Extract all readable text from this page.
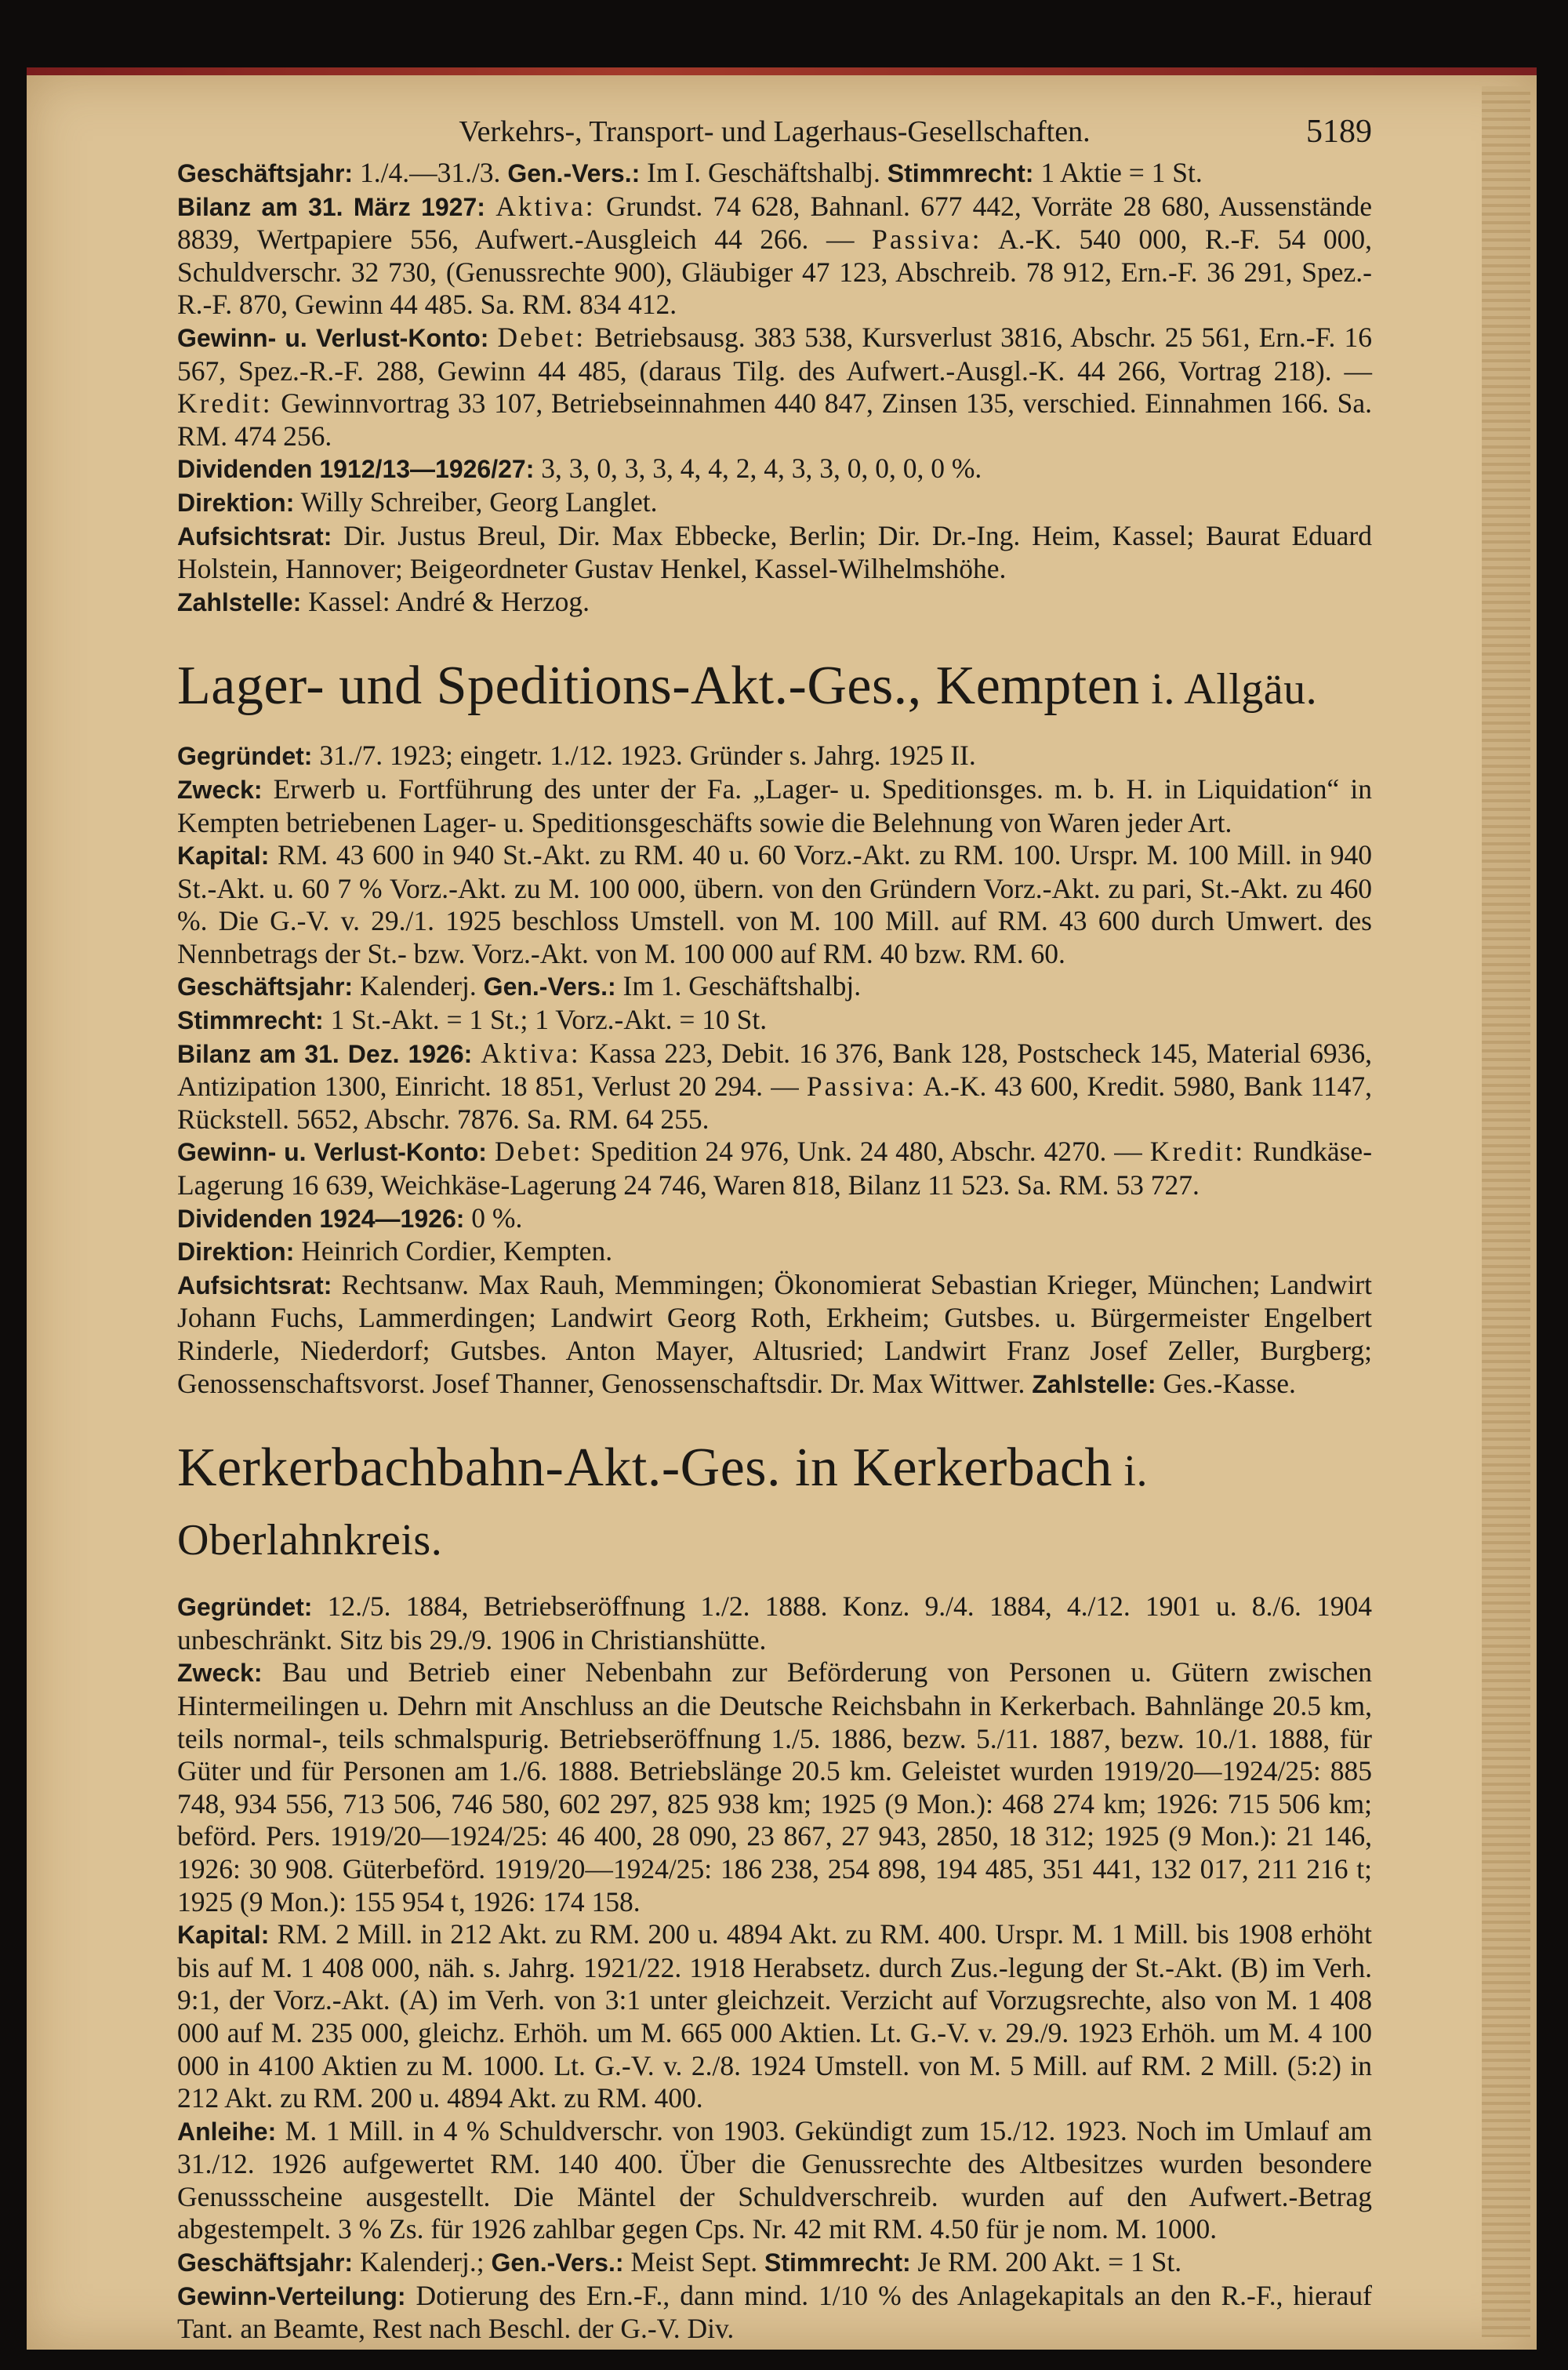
Verkehrs-, Transport- und Lagerhaus-Gesellschaften.	5189

Geschäftsjahr: 1./4.—31./3. Gen.-Vers.: Im I. Geschäftshalbj. Stimmrecht: 1 Aktie = 1 St.

Bilanz am 31. März 1927: Aktiva: Grundst. 74 628, Bahnanl. 677 442, Vorräte 28 680, Aussenstände 8839, Wertpapiere 556, Aufwert.-Ausgleich 44 266. — Passiva: A.-K. 540 000, R.-F. 54 000, Schuldverschr. 32 730, (Genussrechte 900), Gläubiger 47 123, Abschreib. 78 912, Ern.-F. 36 291, Spez.-R.-F. 870, Gewinn 44 485. Sa. RM. 834 412.

Gewinn- u. Verlust-Konto: Debet: Betriebsausg. 383 538, Kursverlust 3816, Abschr. 25 561, Ern.-F. 16 567, Spez.-R.-F. 288, Gewinn 44 485, (daraus Tilg. des Aufwert.-Ausgl.-K. 44 266, Vortrag 218). — Kredit: Gewinnvortrag 33 107, Betriebseinnahmen 440 847, Zinsen 135, verschied. Einnahmen 166. Sa. RM. 474 256.

Dividenden 1912/13—1926/27: 3, 3, 0, 3, 3, 4, 4, 2, 4, 3, 3, 0, 0, 0, 0 %.

Direktion: Willy Schreiber, Georg Langlet.

Aufsichtsrat: Dir. Justus Breul, Dir. Max Ebbecke, Berlin; Dir. Dr.-Ing. Heim, Kassel; Baurat Eduard Holstein, Hannover; Beigeordneter Gustav Henkel, Kassel-Wilhelmshöhe.

Zahlstelle: Kassel: André & Herzog.

Lager- und Speditions-Akt.-Ges., Kempten i. Allgäu.

Gegründet: 31./7. 1923; eingetr. 1./12. 1923. Gründer s. Jahrg. 1925 II.

Zweck: Erwerb u. Fortführung des unter der Fa. „Lager- u. Speditionsges. m. b. H. in Liquidation“ in Kempten betriebenen Lager- u. Speditionsgeschäfts sowie die Belehnung von Waren jeder Art.

Kapital: RM. 43 600 in 940 St.-Akt. zu RM. 40 u. 60 Vorz.-Akt. zu RM. 100. Urspr. M. 100 Mill. in 940 St.-Akt. u. 60 7 % Vorz.-Akt. zu M. 100 000, übern. von den Gründern Vorz.-Akt. zu pari, St.-Akt. zu 460 %. Die G.-V. v. 29./1. 1925 beschloss Umstell. von M. 100 Mill. auf RM. 43 600 durch Umwert. des Nennbetrags der St.- bzw. Vorz.-Akt. von M. 100 000 auf RM. 40 bzw. RM. 60.

Geschäftsjahr: Kalenderj. Gen.-Vers.: Im 1. Geschäftshalbj.

Stimmrecht: 1 St.-Akt. = 1 St.; 1 Vorz.-Akt. = 10 St.

Bilanz am 31. Dez. 1926: Aktiva: Kassa 223, Debit. 16 376, Bank 128, Postscheck 145, Material 6936, Antizipation 1300, Einricht. 18 851, Verlust 20 294. — Passiva: A.-K. 43 600, Kredit. 5980, Bank 1147, Rückstell. 5652, Abschr. 7876. Sa. RM. 64 255.

Gewinn- u. Verlust-Konto: Debet: Spedition 24 976, Unk. 24 480, Abschr. 4270. — Kredit: Rundkäse-Lagerung 16 639, Weichkäse-Lagerung 24 746, Waren 818, Bilanz 11 523. Sa. RM. 53 727.

Dividenden 1924—1926: 0 %.

Direktion: Heinrich Cordier, Kempten.

Aufsichtsrat: Rechtsanw. Max Rauh, Memmingen; Ökonomierat Sebastian Krieger, München; Landwirt Johann Fuchs, Lammerdingen; Landwirt Georg Roth, Erkheim; Gutsbes. u. Bürgermeister Engelbert Rinderle, Niederdorf; Gutsbes. Anton Mayer, Altusried; Landwirt Franz Josef Zeller, Burgberg; Genossenschaftsvorst. Josef Thanner, Genossenschaftsdir. Dr. Max Wittwer. Zahlstelle: Ges.-Kasse.

Kerkerbachbahn-Akt.-Ges. in Kerkerbach i. Oberlahnkreis.

Gegründet: 12./5. 1884, Betriebseröffnung 1./2. 1888. Konz. 9./4. 1884, 4./12. 1901 u. 8./6. 1904 unbeschränkt. Sitz bis 29./9. 1906 in Christianshütte.

Zweck: Bau und Betrieb einer Nebenbahn zur Beförderung von Personen u. Gütern zwischen Hintermeilingen u. Dehrn mit Anschluss an die Deutsche Reichsbahn in Kerkerbach. Bahnlänge 20.5 km, teils normal-, teils schmalspurig. Betriebseröffnung 1./5. 1886, bezw. 5./11. 1887, bezw. 10./1. 1888, für Güter und für Personen am 1./6. 1888. Betriebslänge 20.5 km. Geleistet wurden 1919/20—1924/25: 885 748, 934 556, 713 506, 746 580, 602 297, 825 938 km; 1925 (9 Mon.): 468 274 km; 1926: 715 506 km; beförd. Pers. 1919/20—1924/25: 46 400, 28 090, 23 867, 27 943, 2850, 18 312; 1925 (9 Mon.): 21 146, 1926: 30 908. Güterbeförd. 1919/20—1924/25: 186 238, 254 898, 194 485, 351 441, 132 017, 211 216 t; 1925 (9 Mon.): 155 954 t, 1926: 174 158.

Kapital: RM. 2 Mill. in 212 Akt. zu RM. 200 u. 4894 Akt. zu RM. 400. Urspr. M. 1 Mill. bis 1908 erhöht bis auf M. 1 408 000, näh. s. Jahrg. 1921/22. 1918 Herabsetz. durch Zus.-legung der St.-Akt. (B) im Verh. 9:1, der Vorz.-Akt. (A) im Verh. von 3:1 unter gleichzeit. Verzicht auf Vorzugsrechte, also von M. 1 408 000 auf M. 235 000, gleichz. Erhöh. um M. 665 000 Aktien. Lt. G.-V. v. 29./9. 1923 Erhöh. um M. 4 100 000 in 4100 Aktien zu M. 1000. Lt. G.-V. v. 2./8. 1924 Umstell. von M. 5 Mill. auf RM. 2 Mill. (5:2) in 212 Akt. zu RM. 200 u. 4894 Akt. zu RM. 400.

Anleihe: M. 1 Mill. in 4 % Schuldverschr. von 1903. Gekündigt zum 15./12. 1923. Noch im Umlauf am 31./12. 1926 aufgewertet RM. 140 400. Über die Genussrechte des Altbesitzes wurden besondere Genussscheine ausgestellt. Die Mäntel der Schuldverschreib. wurden auf den Aufwert.-Betrag abgestempelt. 3 % Zs. für 1926 zahlbar gegen Cps. Nr. 42 mit RM. 4.50 für je nom. M. 1000.

Geschäftsjahr: Kalenderj.; Gen.-Vers.: Meist Sept. Stimmrecht: Je RM. 200 Akt. = 1 St.

Gewinn-Verteilung: Dotierung des Ern.-F., dann mind. 1/10 % des Anlagekapitals an den R.-F., hierauf Tant. an Beamte, Rest nach Beschl. der G.-V. Div.
